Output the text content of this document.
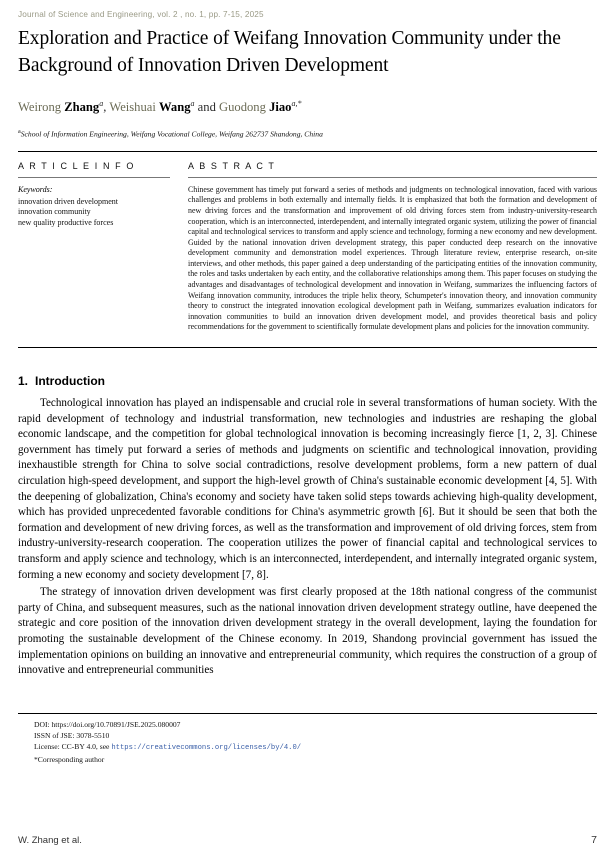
Journal of Science and Engineering, vol. 2 , no. 1, pp. 7-15, 2025
Exploration and Practice of Weifang Innovation Community under the Background of Innovation Driven Development
Weirong Zhang$^a$, Weishuai Wang$^a$ and Guodong Jiao$^{a,*}$
$^a$School of Information Engineering, Weifang Vocational College, Weifang 262737 Shandong, China
A R T I C L E I N F O
Keywords:
innovation driven development
innovation community
new quality productive forces
A B S T R A C T
Chinese government has timely put forward a series of methods and judgments on technological innovation, faced with various challenges and problems in both externally and internally fields. It is emphasized that both the formation and development of new driving forces and the transformation and improvement of old driving forces stem from industry-university-research cooperation, which is an interconnected, interdependent, and internally integrated organic system, utilizing the power of financial capital and technological services to transform and apply science and technology, forming a new economy and new development. Guided by the national innovation driven development strategy, this paper conducted deep research on the innovative development community and demonstration model experiences. Through literature review, enterprise research, on-site interviews, and other methods, this paper gained a deep understanding of the participating entities of the innovation community, the roles and tasks undertaken by each entity, and the collaborative relationships among them. This paper focuses on studying the advantages and disadvantages of technological development and innovation in Weifang, summarizes the influencing factors of Weifang innovation community, introduces the triple helix theory, Schumpeter's innovation theory, and innovation community theory to construct the integrated innovation ecological development path in Weifang, summarizes evaluation indicators for innovation communities to build an innovation driven development model, and provides theoretical basis and policy recommendations for the government to scientifically formulate development plans and policies for the innovation community.
1. Introduction

Technological innovation has played an indispensable and crucial role in several transformations of human society. With the rapid development of technology and industrial transformation, new technologies and industries are reshaping the global economic landscape, and the competition for global technological innovation is becoming increasingly fierce [1, 2, 3]. Chinese government has timely put forward a series of methods and judgments on scientific and technological innovation, providing inexhaustible strength for China to solve social contradictions, resolve development problems, form a new pattern of dual circulation high-speed development, and support the high-level growth of China's sustainable economic development [4, 5]. With the deepening of globalization, China's economy and society have taken solid steps towards achieving high-quality development, which has provided unprecedented favorable conditions for China's asymmetric growth [6]. But it should be seen that both the formation and development of new driving forces, as well as the transformation and improvement of old driving forces, stem from industry-university-research cooperation. The cooperation utilizes the power of financial capital and technological services to transform and apply science and technology, which is an interconnected, interdependent, and internally integrated organic system, forming a new economy and society development [7, 8].

The strategy of innovation driven development was first clearly proposed at the 18th national congress of the communist party of China, and subsequent measures, such as the national innovation driven development strategy outline, have deepened the strategic and core position of the innovation driven development strategy in the overall development, laying the foundation for promoting the sustainable development of the Chinese economy. In 2019, Shandong provincial government has issued the implementation opinions on building an innovative and entrepreneurial community, which requires the construction of a group of innovative and entrepreneurial communities

DOI: https://doi.org/10.70891/JSE.2025.080007
ISSN of JSE: 3078-5510
License: CC-BY 4.0, see https://creativecommons.org/licenses/by/4.0/
*Corresponding author
W. Zhang et al.	7
